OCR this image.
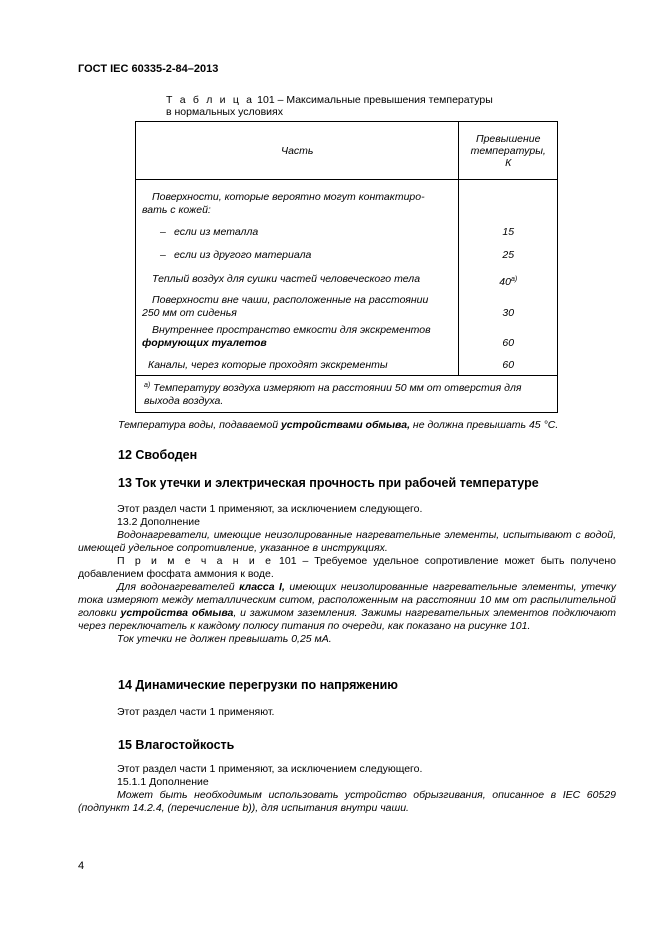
ГОСТ IEC 60335-2-84–2013
Т а б л и ц а 101 – Максимальные превышения температуры
в нормальных условиях
Часть	Превышение
температуры,
К

Поверхности, которые вероятно могут контактиро-
вать с кожей:	

– если из металла	15
– если из другого материала	25

Теплый воздух для сушки частей человеческого тела	$40^{а)}$

Поверхности вне чаши, расположенные на расстоянии
250 мм от сиденья	30

Внутреннее пространство емкости для экскрементов
формующих туалетов	60

Каналы, через которые проходят экскременты	60
$^{а)}$ Температуру воздуха измеряют на расстоянии 50 мм от отверстия для
выхода воздуха.	
Температура воды, подаваемой устройствами обмыва, не должна превышать 45 °С.
12 Свободен
13 Ток утечки и электрическая прочность при рабочей температуре

Этот раздел части 1 применяют, за исключением следующего.

13.2 Дополнение

Водонагреватели, имеющие неизолированные нагревательные элементы, испытывают с водой, имеющей удельное сопротивление, указанное в инструкциях.

П р и м е ч а н и е 101 – Требуемое удельное сопротивление может быть получено добавлением фосфата аммония к воде.

Для водонагревателей класса I, имеющих неизолированные нагревательные элементы, утечку тока измеряют между металлическим ситом, расположенным на расстоянии 10 мм от распылительной головки устройства обмыва, и зажимом заземления. Зажимы нагревательных элементов подключают через переключатель к каждому полюсу питания по очереди, как показано на рисунке 101.

Ток утечки не должен превышать 0,25 мА.

14 Динамические перегрузки по напряжению

Этот раздел части 1 применяют.

15 Влагостойкость

Этот раздел части 1 применяют, за исключением следующего.

15.1.1 Дополнение

Может быть необходимым использовать устройство обрызгивания, описанное в IEC 60529 (подпункт 14.2.4, (перечисление b)), для испытания внутри чаши.

4
